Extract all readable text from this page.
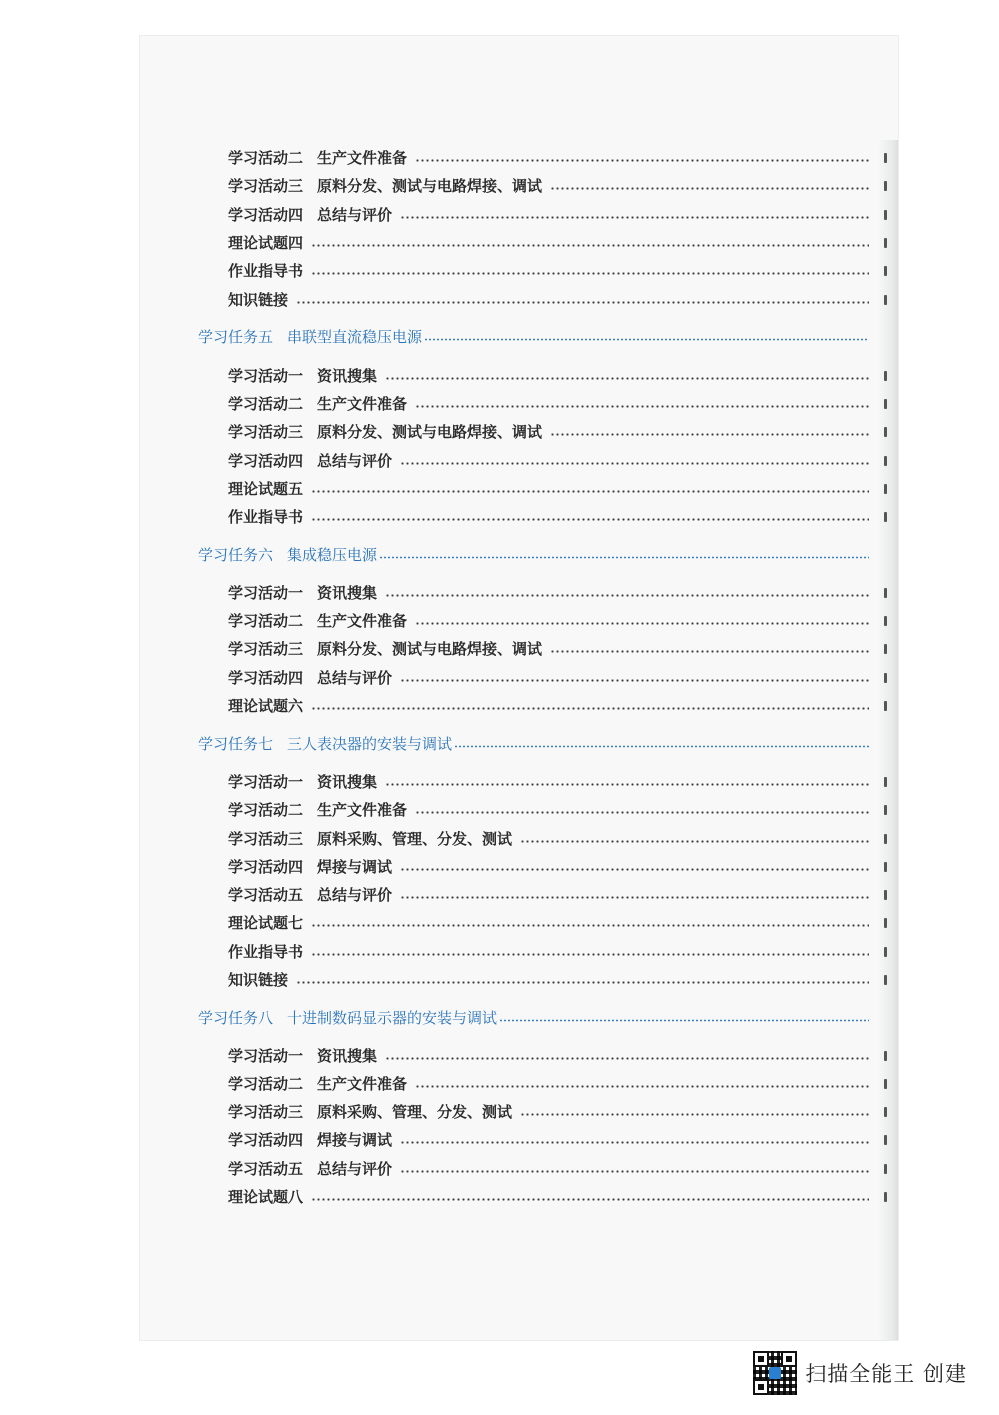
学习活动二 生产文件准备
学习活动三 原料分发、测试与电路焊接、调试
学习活动四 总结与评价
理论试题四
作业指导书
知识链接
学习任务五 串联型直流稳压电源
学习活动一 资讯搜集
学习活动二 生产文件准备
学习活动三 原料分发、测试与电路焊接、调试
学习活动四 总结与评价
理论试题五
作业指导书
学习任务六 集成稳压电源
学习活动一 资讯搜集
学习活动二 生产文件准备
学习活动三 原料分发、测试与电路焊接、调试
学习活动四 总结与评价
理论试题六
学习任务七 三人表决器的安装与调试
学习活动一 资讯搜集
学习活动二 生产文件准备
学习活动三 原料采购、管理、分发、测试
学习活动四 焊接与调试
学习活动五 总结与评价
理论试题七
作业指导书
知识链接
学习任务八 十进制数码显示器的安装与调试
学习活动一 资讯搜集
学习活动二 生产文件准备
学习活动三 原料采购、管理、分发、测试
学习活动四 焊接与调试
学习活动五 总结与评价
理论试题八
扫描全能王 创建
